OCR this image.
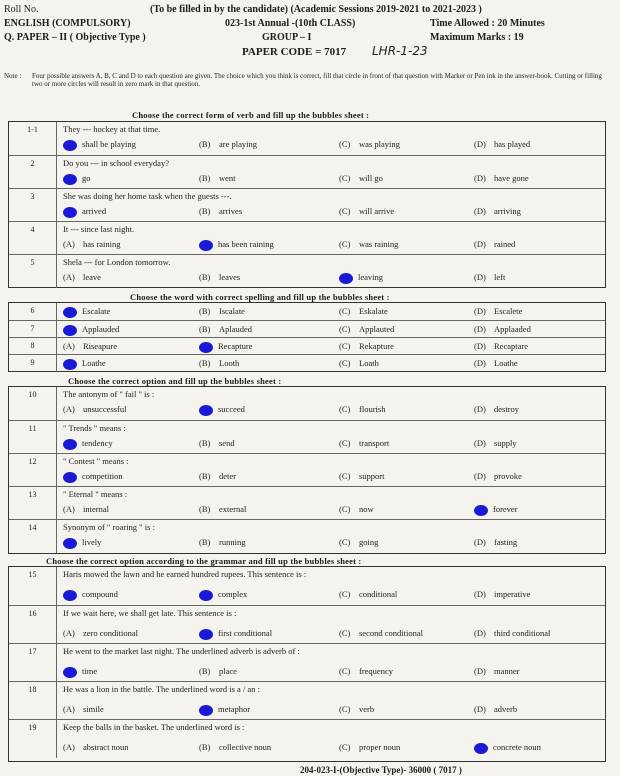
Roll No.	(To be filled in by the candidate) (Academic Sessions 2019-2021 to 2021-2023 )
ENGLISH (COMPULSORY)	023-1st Annual -(10th CLASS)	Time Allowed : 20 Minutes
Q. PAPER – II ( Objective Type )	GROUP – I	Maximum Marks : 19
PAPER CODE = 7017 LHR-1-23
Note :	Four possible answers A, B, C and D to each question are given. The choice which you think is correct, fill that circle in front of that question with Marker or Pen ink in the answer-book. Cutting or filling two or more circles will result in zero mark in that question.
Choose the correct form of verb and fill up the bubbles sheet :
Choose the word with correct spelling and fill up the bubbles sheet :
Choose the correct option and fill up the bubbles sheet :
Choose the correct option according to the grammar and fill up the bubbles sheet :
1-1	They --- hockey at that time.
shall be playing	(B) are playing	(C) was playing	(D) has played
2	Do you --- in school everyday?
go	(B) went	(C) will go	(D) have gone
3	She was doing her home task when the guests ---.
arrived	(B) arrives	(C) will arrive	(D) arriving
4	It --- since last night.
(A) has raining	has been raining	(C) was raining	(D) rained
5	Shela --- for London tomorrow.
(A) leave	(B) leaves	leaving	(D) left
6	Escalate	(B) Iscalate	(C) Eskalate	(D) Escalete
7	Applauded	(B) Aplauded	(C) Applauted	(D) Applaaded
8	(A) Riseapure	Recapture	(C) Rekapture	(D) Recaptare
9	Loathe	(B) Looth	(C) Loath	(D) Loathe
10	The antonym of " fail " is :
(A) unsuccessful	succeed	(C) flourish	(D) destroy
11	" Trends " means :
tendency	(B) send	(C) transport	(D) supply
12	" Contest " means :
competition	(B) deter	(C) support	(D) provoke
13	" Eternal " means :
(A) internal	(B) external	(C) now	forever
14	Synonym of " roaring " is :
lively	(B) running	(C) going	(D) fasting
15	Haris mowed the lawn and he earned hundred rupees. This sentence is :
compound	complex	(C) conditional	(D) imperative
16	If we wait here, we shall get late. This sentence is :
(A) zero conditional	first conditional	(C) second conditional	(D) third conditional
17	He went to the market last night. The underlined adverb is adverb of :
time	(B) place	(C) frequency	(D) manner
18	He was a lion in the battle. The underlined word is a / an :
(A) simile	metaphor	(C) verb	(D) adverb
19	Keep the balls in the basket. The underlined word is :
(A) abstract noun	(B) collective noun	(C) proper noun	concrete noun
204-023-I-(Objective Type)- 36000 ( 7017 )
